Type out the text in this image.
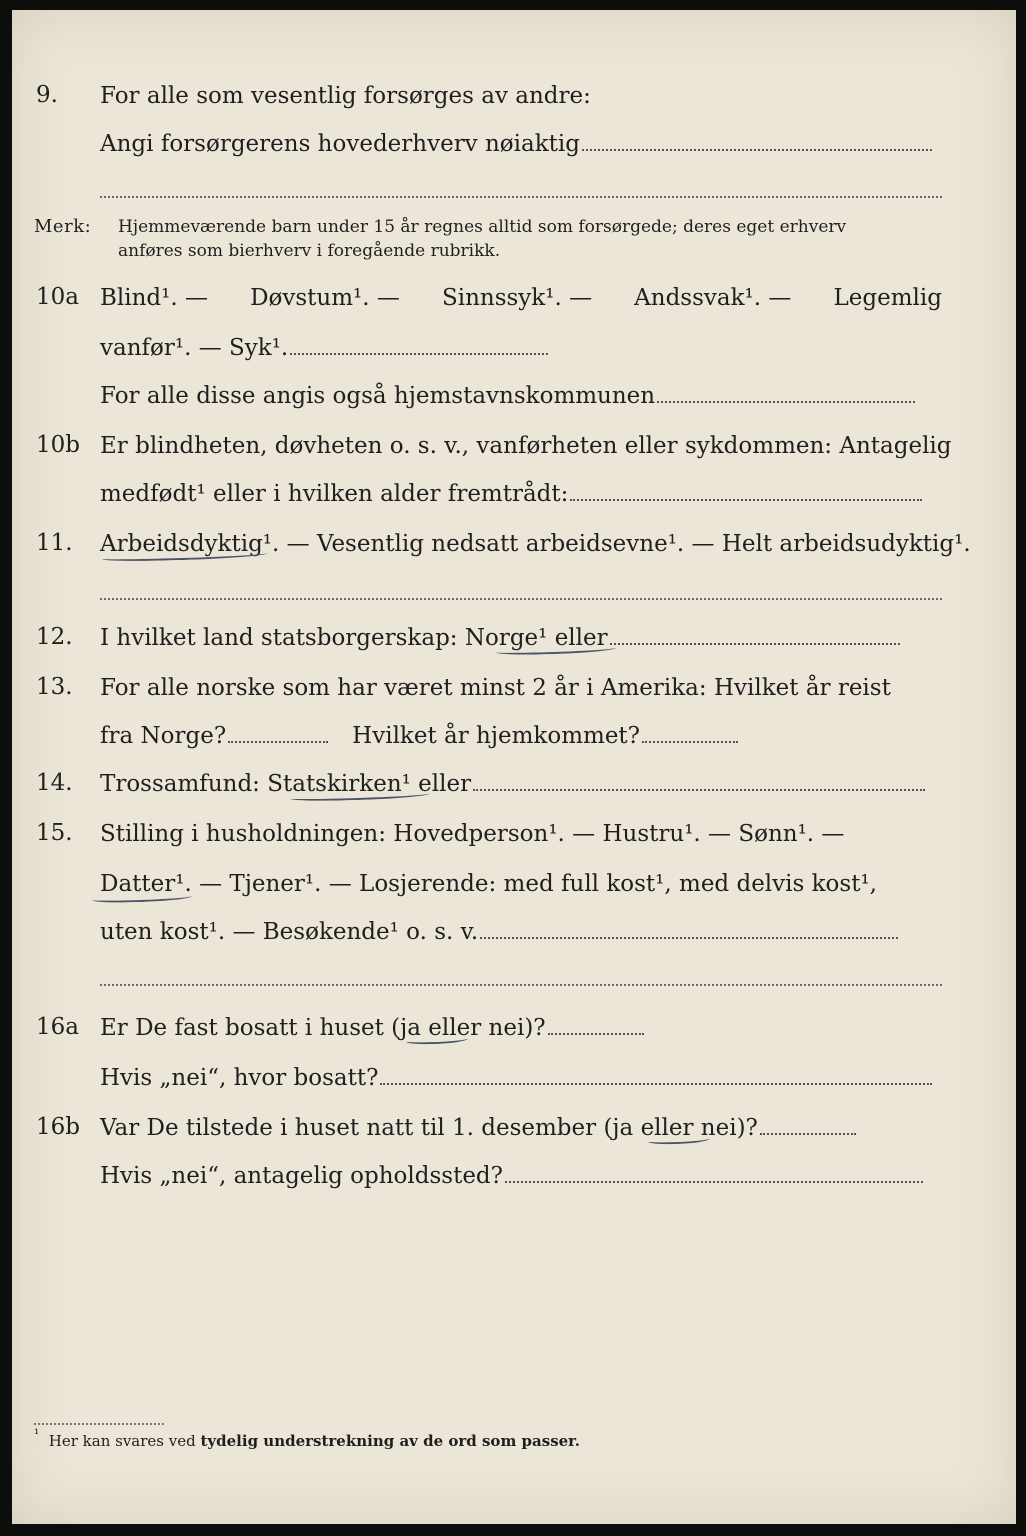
9. For alle som vesentlig forsørges av andre:
Angi forsørgerens hovederhverv nøiaktig
Merk: Hjemmeværende barn under 15 år regnes alltid som forsørgede; deres eget erhverv
anføres som bierhverv i foregående rubrikk.
10a Blind¹. — Døvstum¹. — Sinnssyk¹. — Andssvak¹. — Legemlig
vanfør¹. — Syk¹.
For alle disse angis også hjemstavnskommunen
10b Er blindheten, døvheten o. s. v., vanførheten eller sykdommen: Antagelig
medfødt¹ eller i hvilken alder fremtrådt:
11. Arbeidsdyktig¹. — Vesentlig nedsatt arbeidsevne¹. — Helt arbeidsudyktig¹.
12. I hvilket land statsborgerskap: Norge¹ eller
13. For alle norske som har været minst 2 år i Amerika: Hvilket år reist
fra Norge?	Hvilket år hjemkommet?
14. Trossamfund: Statskirken¹ eller
15. Stilling i husholdningen: Hovedperson¹. — Hustru¹. — Sønn¹. —
Datter¹. — Tjener¹. — Losjerende: med full kost¹, med delvis kost¹,
uten kost¹. — Besøkende¹ o. s. v.
16a Er De fast bosatt i huset (ja eller nei)?
Hvis „nei“, hvor bosatt?
16b Var De tilstede i huset natt til 1. desember (ja eller nei)?
Hvis „nei“, antagelig opholdssted?
$^{^1}$ Her kan svares ved tydelig understrekning av de ord som passer.
